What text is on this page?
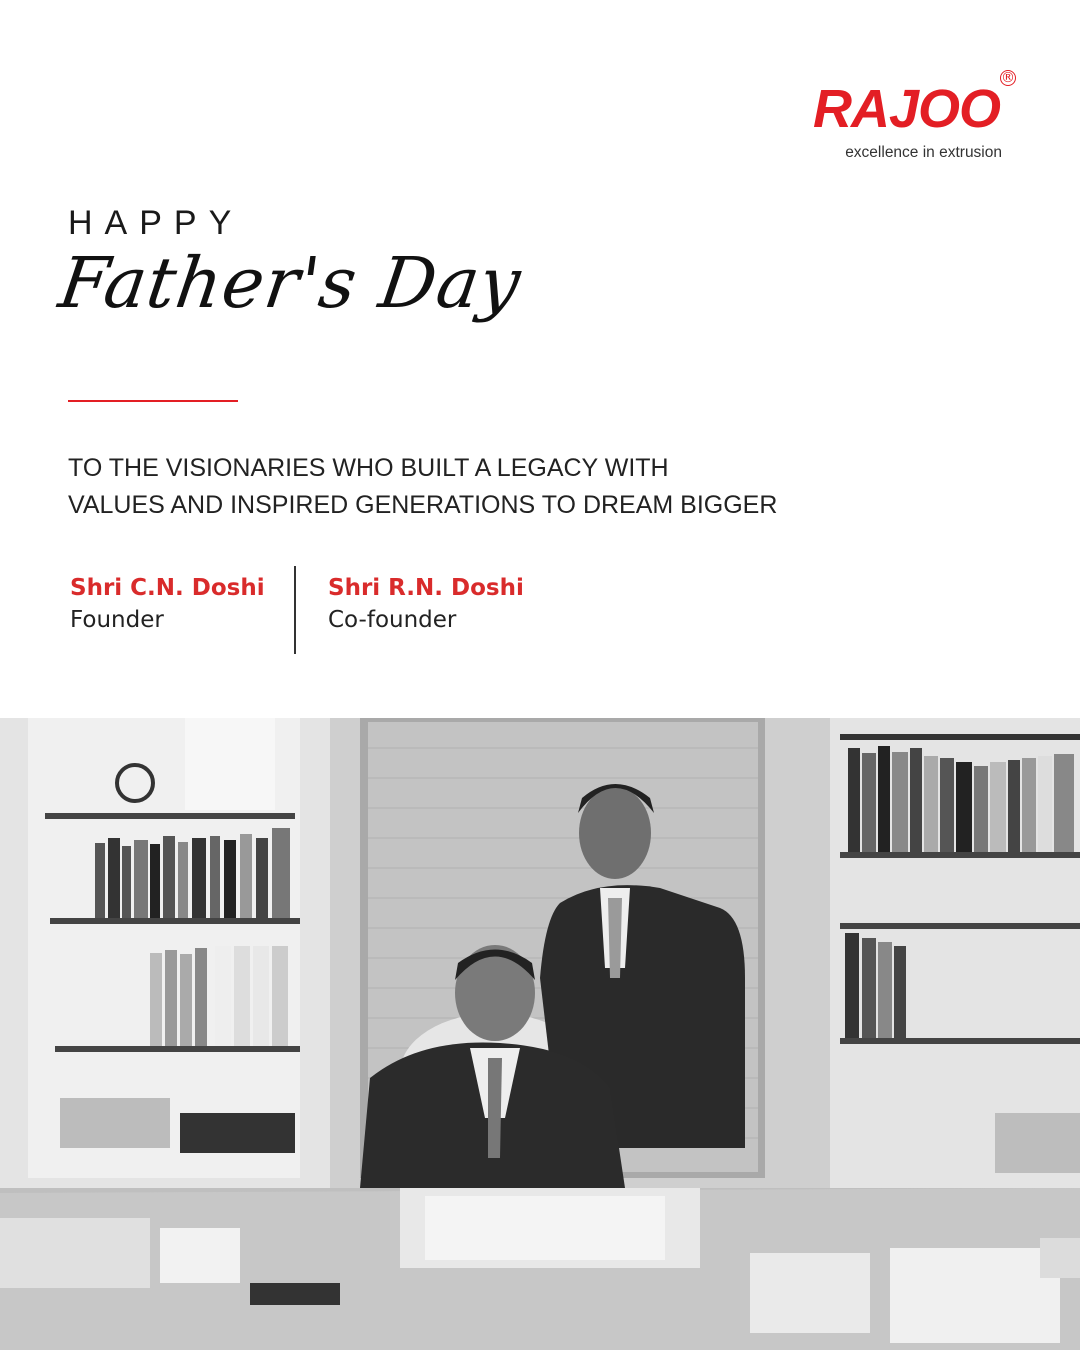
RAJOO
®
excellence in extrusion
HAPPY
Father's Day
TO THE VISIONARIES WHO BUILT A LEGACY WITH
VALUES AND INSPIRED GENERATIONS TO DREAM BIGGER
Shri C.N. Doshi
Founder
Shri R.N. Doshi
Co-founder
